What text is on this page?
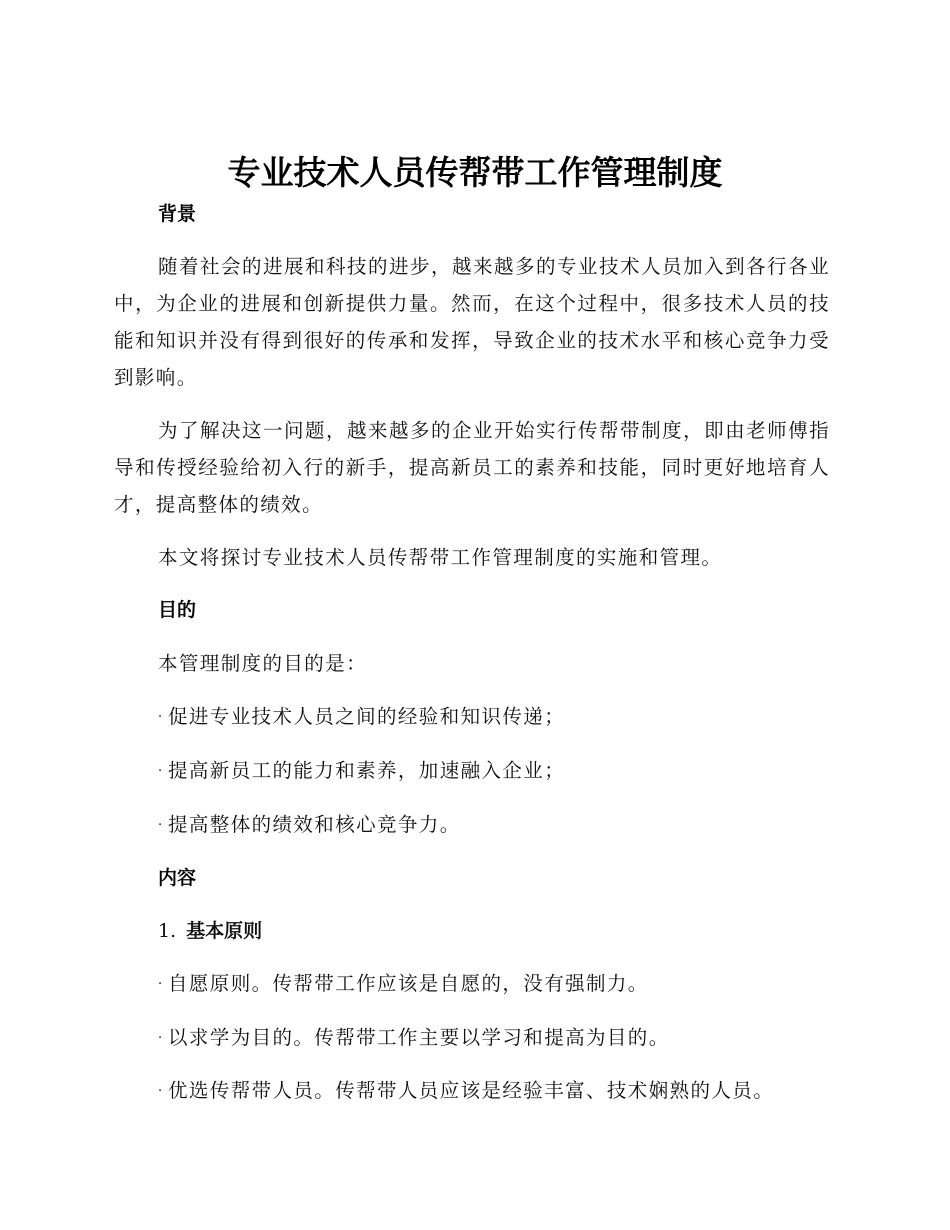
专业技术人员传帮带工作管理制度
背景
随着社会的进展和科技的进步，越来越多的专业技术人员加入到各行各业中，为企业的进展和创新提供力量。然而，在这个过程中，很多技术人员的技能和知识并没有得到很好的传承和发挥，导致企业的技术水平和核心竞争力受到影响。
为了解决这一问题，越来越多的企业开始实行传帮带制度，即由老师傅指导和传授经验给初入行的新手，提高新员工的素养和技能，同时更好地培育人才，提高整体的绩效。
本文将探讨专业技术人员传帮带工作管理制度的实施和管理。
目的
本管理制度的目的是：
· 促进专业技术人员之间的经验和知识传递；
· 提高新员工的能力和素养，加速融入企业；
· 提高整体的绩效和核心竞争力。
内容
1. 基本原则
· 自愿原则。传帮带工作应该是自愿的，没有强制力。
· 以求学为目的。传帮带工作主要以学习和提高为目的。
· 优选传帮带人员。传帮带人员应该是经验丰富、技术娴熟的人员。
